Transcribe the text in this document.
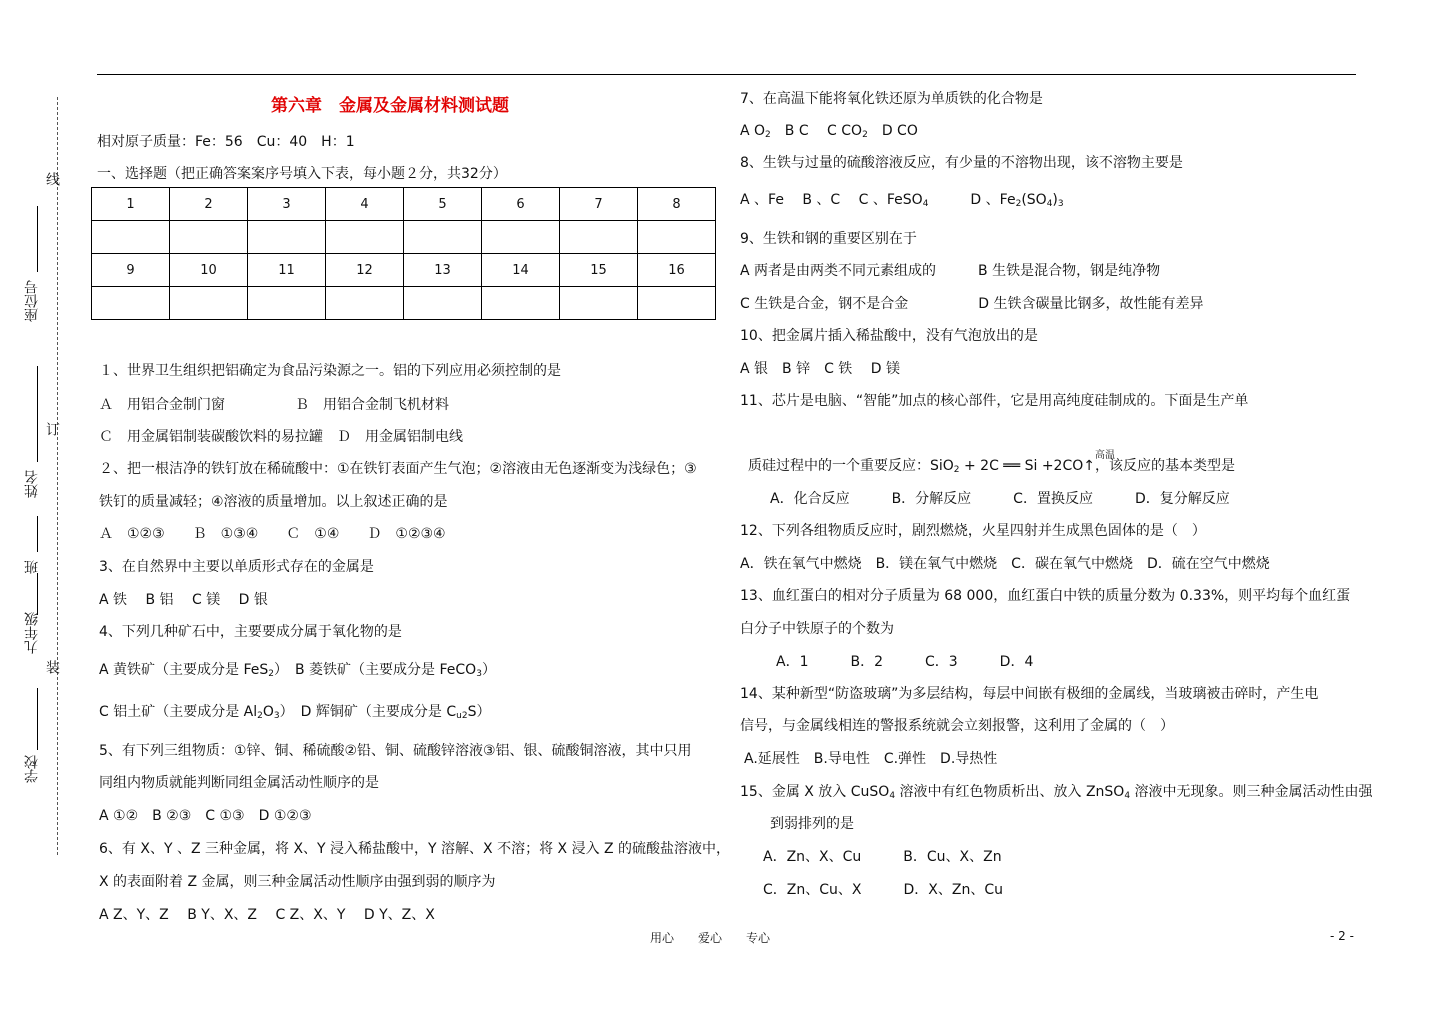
线
座位号
订
姓名
班
九年级
装
学校
第六章　金属及金属材料测试题
相对原子质量：Fe：56　Cu：40　H：1
一、选择题（把正确答案案序号填入下表，每小题２分，共32分）
1	2	3	4	5	6	7	8

9	10	11	12	13	14	15	16

１、世界卫生组织把铝确定为食品污染源之一。铝的下列应用必须控制的是
Ａ　用铝合金制门窗　　　　　Ｂ　用铝合金制飞机材料
Ｃ　用金属铝制装碳酸饮料的易拉罐　Ｄ　用金属铝制电线
２、把一根洁净的铁钉放在稀硫酸中：①在铁钉表面产生气泡；②溶液由无色逐渐变为浅绿色；③
铁钉的质量减轻；④溶液的质量增加。以上叙述正确的是
Ａ　①②③　　Ｂ　①③④　　Ｃ　①④　　Ｄ　①②③④
3、在自然界中主要以单质形式存在的金属是
A 铁　 B 铝　 C 镁　 D 银
4、下列几种矿石中，主要要成分属于氧化物的是
A 黄铁矿（主要成分是 FeS$_2$）　B 菱铁矿（主要成分是 FeCO$_3$）
C 铝土矿（主要成分是 $Al_2O_3$）　D 辉铜矿（主要成分是 $C_{u2}S$）
5、有下列三组物质：①锌、铜、稀硫酸②铅、铜、硫酸锌溶液③铝、银、硫酸铜溶液，其中只用
同组内物质就能判断同组金属活动性顺序的是
A ①②　B ②③　C ①③　D ①②③
6、有 X、Y 、Z 三种金属，将 X、Y 浸入稀盐酸中，Y 溶解、X 不溶；将 X 浸入 Z 的硫酸盐溶液中，
X 的表面附着 Z 金属，则三种金属活动性顺序由强到弱的顺序为
A Z、Y、Z　 B Y、X、Z　 C Z、X、Y　 D Y、Z、X
7、在高温下能将氧化铁还原为单质铁的化合物是
A $O_2$　B C　 C $CO_2$　D CO
8、生铁与过量的硫酸溶液反应，有少量的不溶物出现，该不溶物主要是
A 、Fe　 B 、C　 C 、FeSO$_4$　　　D 、$Fe_2(SO_4)_3$
9、生铁和钢的重要区别在于
A 两者是由两类不同元素组成的　　　B 生铁是混合物，钢是纯净物
C 生铁是合金，钢不是合金　　　　　D 生铁含碳量比钢多，故性能有差异
10、把金属片插入稀盐酸中，没有气泡放出的是
A 银　B 锌　C 铁　 D 镁
11、芯片是电脑、“智能”加点的核心部件，它是用高纯度硅制成的。下面是生产单
高温
质硅过程中的一个重要反应：SiO$_2$ + 2C ══ Si +2CO↑，该反应的基本类型是
A．化合反应　　　B．分解反应　　　C．置换反应　　　D．复分解反应
12、下列各组物质反应时，剧烈燃烧，火星四射并生成黑色固体的是（　）
A．铁在氧气中燃烧　B．镁在氧气中燃烧　C．碳在氧气中燃烧　D．硫在空气中燃烧
13、血红蛋白的相对分子质量为 68 000，血红蛋白中铁的质量分数为 0.33%，则平均每个血红蛋
白分子中铁原子的个数为
A．1　　　B．2　　　C．3　　　D．4
14、某种新型“防盗玻璃”为多层结构，每层中间嵌有极细的金属线，当玻璃被击碎时，产生电
信号，与金属线相连的警报系统就会立刻报警，这利用了金属的（　）
A.延展性　B.导电性　C.弹性　D.导热性
15、金属 X 放入 CuSO$_4$ 溶液中有红色物质析出、放入 ZnSO$_4$ 溶液中无现象。则三种金属活动性由强
到弱排列的是
A．Zn、X、Cu　　　B．Cu、X、Zn
C．Zn、Cu、X　　　D．X、Zn、Cu
用心　　爱心　　专心	- 2 -
